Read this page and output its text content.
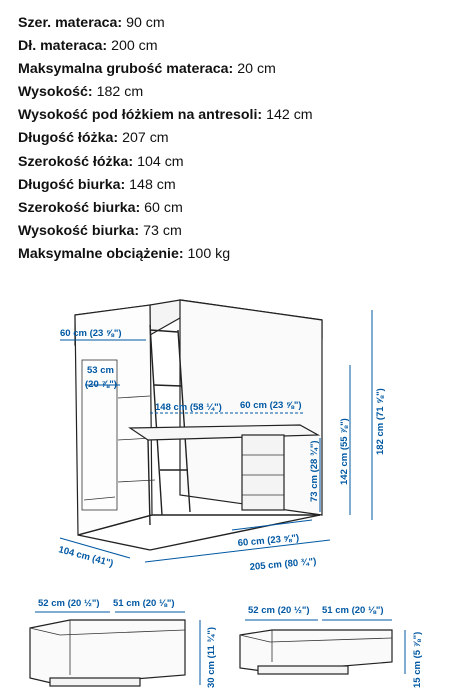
Szer. materaca: 90 cm
Dł. materaca: 200 cm
Maksymalna grubość materaca: 20 cm
Wysokość: 182 cm
Wysokość pod łóżkiem na antresoli: 142 cm
Długość łóżka: 207 cm
Szerokość łóżka: 104 cm
Długość biurka: 148 cm
Szerokość biurka: 60 cm
Wysokość biurka: 73 cm
Maksymalne obciążenie: 100 kg
60 cm (23 ⅝")
53 cm
(20 ⅞")
148 cm (58 ¼") 60 cm (23 ⅝")
73 cm (28 ¾") 142 cm (55 ⅞")	182 cm (71 ⅝")
60 cm (23 ⅝")
104 cm (41")	205 cm (80 ¾")
52 cm (20 ½") 51 cm (20 ⅛")
30 cm (11 ¾")
52 cm (20 ½") 51 cm (20 ⅛")
15 cm (5 ⅞")
